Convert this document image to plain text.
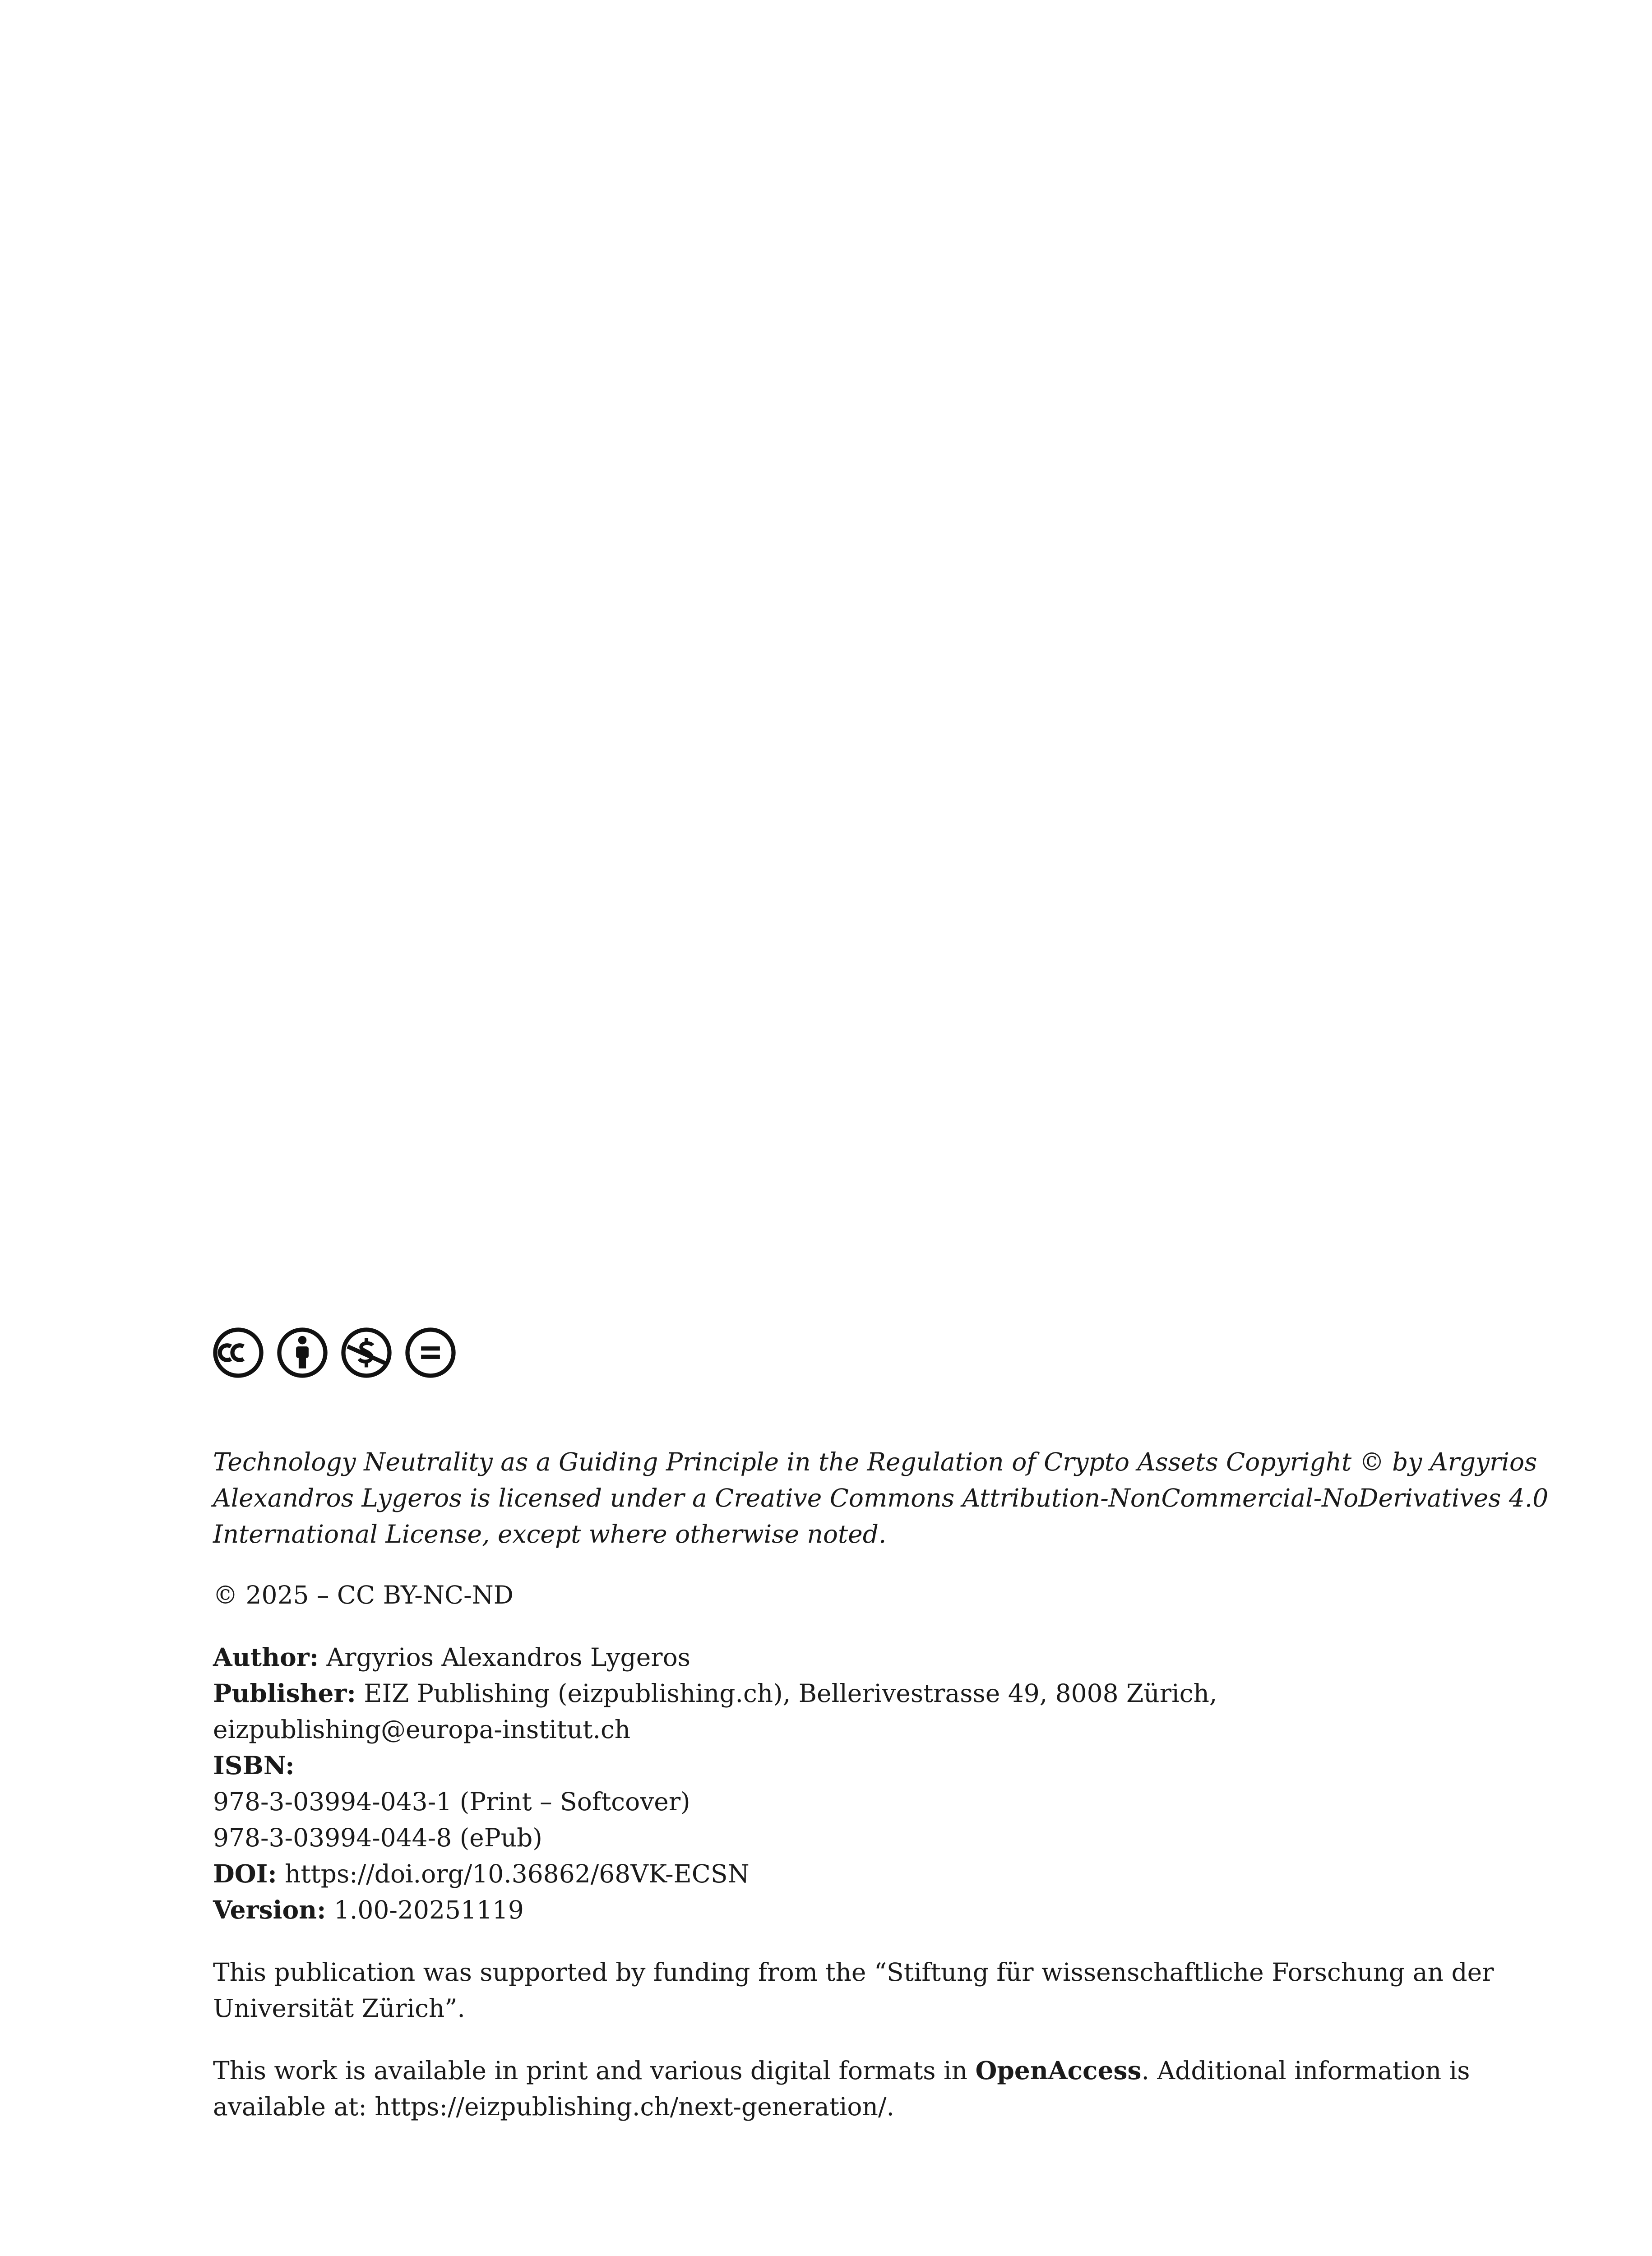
Technology Neutrality as a Guiding Principle in the Regulation of Crypto Assets Copyright © by Argyrios
Alexandros Lygeros is licensed under a Creative Commons Attribution-NonCommercial-NoDerivatives 4.0
International License, except where otherwise noted.

© 2025 – CC BY-NC-ND

Author: Argyrios Alexandros Lygeros
Publisher: EIZ Publishing (eizpublishing.ch), Bellerivestrasse 49, 8008 Zürich,
eizpublishing@europa-institut.ch
ISBN:
978-3-03994-043-1 (Print – Softcover)
978-3-03994-044-8 (ePub)
DOI: https://doi.org/10.36862/68VK-ECSN
Version: 1.00-20251119

This publication was supported by funding from the “Stiftung für wissenschaftliche Forschung an der
Universität Zürich”.

This work is available in print and various digital formats in OpenAccess. Additional information is
available at: https://eizpublishing.ch/next-generation/.
